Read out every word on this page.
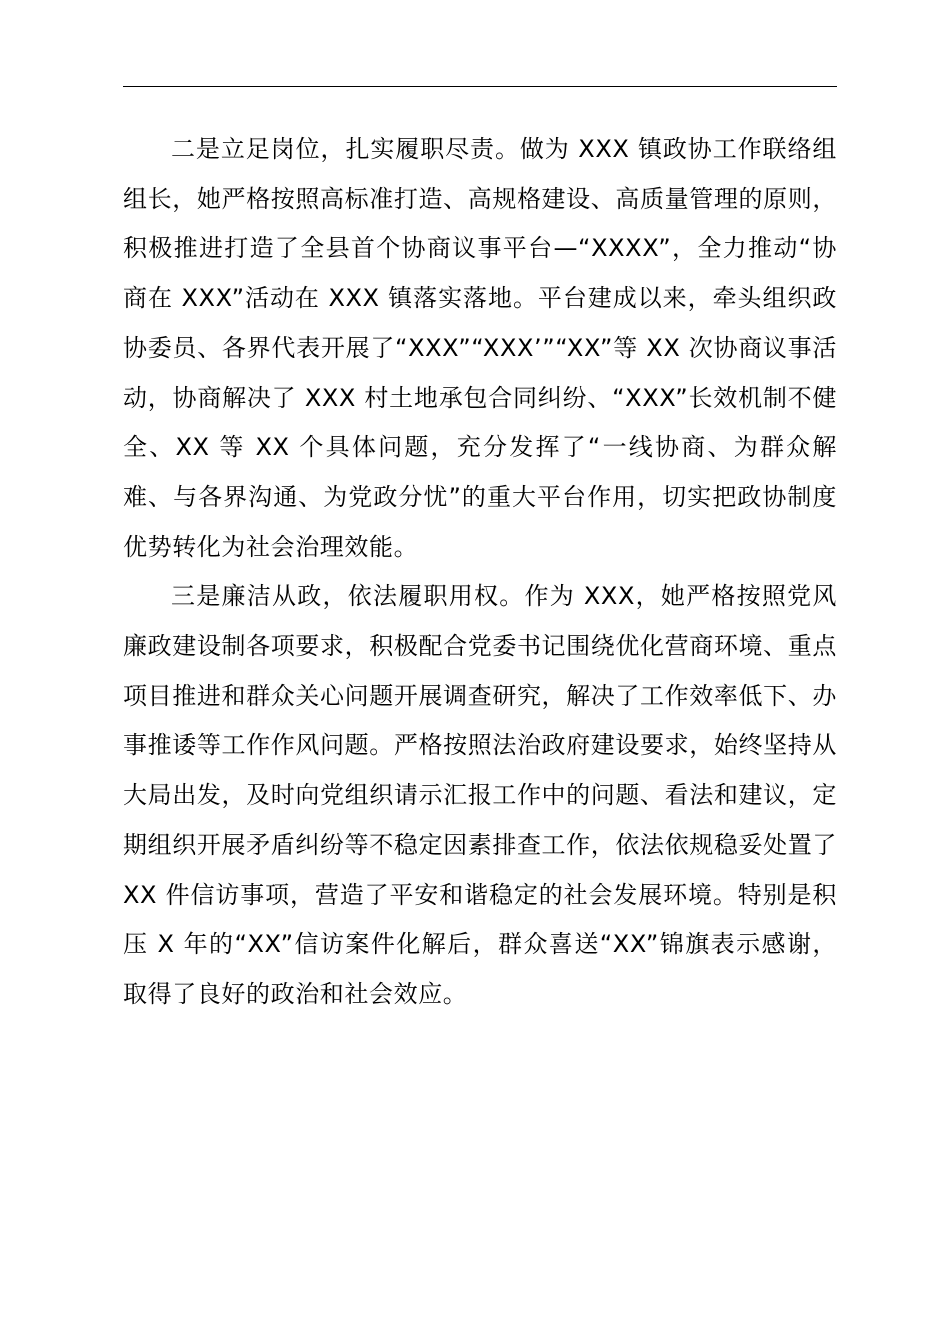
二是立足岗位，扎实履职尽责。做为 XXX 镇政协工作联络组组长，她严格按照高标准打造、高规格建设、高质量管理的原则，积极推进打造了全县首个协商议事平台—“XXXX”，全力推动“协商在 XXX”活动在 XXX 镇落实落地。平台建成以来，牵头组织政协委员、各界代表开展了“XXX”“XXX’”“XX”等 XX 次协商议事活动，协商解决了 XXX 村土地承包合同纠纷、“XXX”长效机制不健全、XX 等 XX 个具体问题，充分发挥了“一线协商、为群众解难、与各界沟通、为党政分忧”的重大平台作用，切实把政协制度优势转化为社会治理效能。

三是廉洁从政，依法履职用权。作为 XXX，她严格按照党风廉政建设制各项要求，积极配合党委书记围绕优化营商环境、重点项目推进和群众关心问题开展调查研究，解决了工作效率低下、办事推诿等工作作风问题。严格按照法治政府建设要求，始终坚持从大局出发，及时向党组织请示汇报工作中的问题、看法和建议，定期组织开展矛盾纠纷等不稳定因素排查工作，依法依规稳妥处置了 XX 件信访事项，营造了平安和谐稳定的社会发展环境。特别是积压 X 年的“XX”信访案件化解后，群众喜送“XX”锦旗表示感谢，取得了良好的政治和社会效应。
